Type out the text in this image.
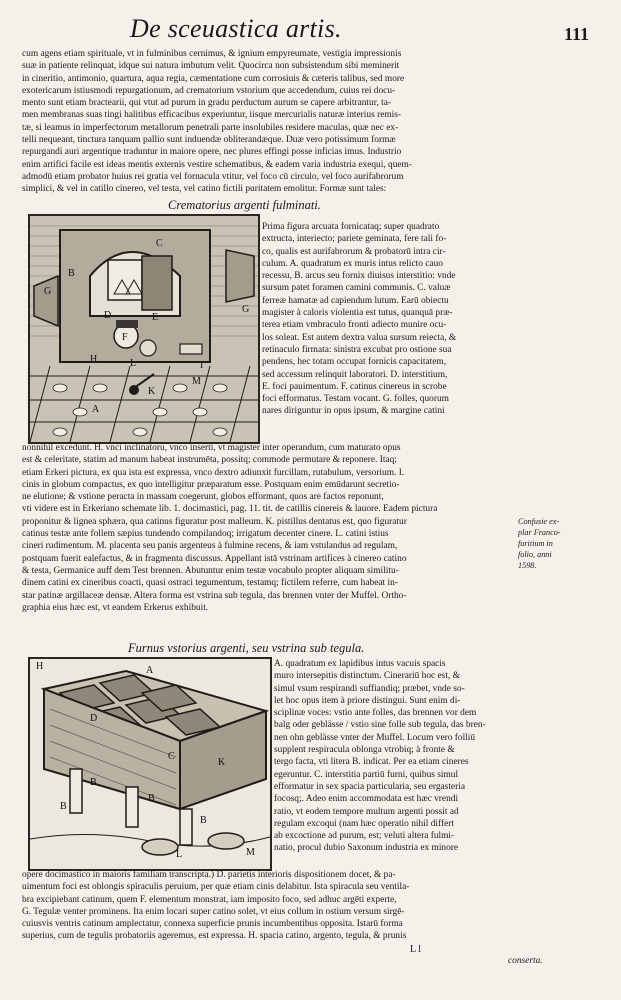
De sceuastica artis.	111
cum agens etiam spirituale, vt in fulminibus cernimus, & ignium empyreumate, vestigia impressionis
suæ in patiente relinquat, idque sui natura imbutum velit. Quocirca non subsistendum sibi meminerit
in cineritio, antimonio, quartura, aqua regia, cæmentatione cum corrosiuis & cæteris talibus, sed more
exotericarum istiusmodi repurgationum, ad crematorium vstorium que accedendum, cuius rei docu-
mento sunt etiam bractearii, qui vtut ad purum in gradu perductum aurum se capere arbitrantur, ta-
men membranas suas tingi halitibus efficacibus experiuntur, iisque mercurialis naturæ interius remis-
tæ, si leamus in imperfectorum metallorum penetrali parte insolubiles residere maculas, quæ nec ex-
telli nequeant, tinctura tanquam pallio sunt induendæ obliterandæque. Duæ vero potissimum formæ
repurgandi auri argentique traduntur in maiore opere, nec plures effingi posse inficias imus. Industrio
enim artifici facile est ideas mentis externis vestire schematibus, & eadem varia industria exequi, quem-
admodū etiam probator huius rei gratia vel fornacula vtitur, vel foco cū circulo, vel foco aurifabrorum
simplici, & vel in catillo cinereo, vel testa, vel catino fictili puritatem emolitur. Formæ sunt tales:
Crematorius argenti fulminati.
C
G
B
D
F
E
H	L	I
M
K
A
G
Prima figura arcuata fornicataq; super quadrato
extructa, interiecto; pariete geminata, fere tali fo-
co, qualis est aurifabrorum & probatorū intra cir-
culum. A. quadratum ex muris intus relicto cauo
recessu, B. arcus seu fornix diuisus interstitio: vnde
sursum patet foramen camini communis. C. valuæ
ferreæ hamatæ ad capiendum lutum. Earū obiectu
magister à caloris violentia est tutus, quanquā præ-
terea etiam vmbraculo fronti adiecto munire ocu-
los soleat. Est autem dextra valua sursum reiecta, &
retinaculo firmata: sinistra excubat pro ostione sua
pendens, hec totam occupat fornicis capacitatem,
sed accessum relinquit laboratori. D. interstitium,
E. foci pauimentum. F. catinus cinereus in scrobe
foci efformatus. Testam vocant. G. folles, quorum
nares diriguntur in opus ipsum, & margine catini
nonnihil excedunt. H. vnci inclinatoru, vnco inserti, vt magister inter operandum, cum maturato opus
est & celeritate, statim ad manum habeat instrumēta, possitq; commode permutare & reponere. Itaq;
etiam Erkeri pictura, ex qua ista est expressa, vnco dextro adiunxit furcillam, rutabulum, versorium. I.
cinis in globum compactus, ex quo intelligitur præparatum esse. Postquam enim emūdarunt secretio-
ne elutione; & vstione peracta in massam coegerunt, globos efformant, quos are factos reponunt,
vti videre est in Erkeriano schemate lib. 1. docimastici, pag. 11. tit. de catillis cinereis & lauore. Eadem pictura
proponitur & lignea sphæra, qua catinus figuratur post malleum. K. pistillus dentatus est, quo figuratur
catinus testæ ante follem sæpius tundendo compilandoq; irrigatum decenter cinere. L. catini istius
cineri rudimentum. M. placenta seu panis argenteus à fulmine recens, & iam vstulandus ad regulam,
postquam fuerit ealefactus, & in fragmenta discussus. Appellant istā vstrinam artifices à cinereo catino
& testa, Germanice auff dem Test brennen. Abutuntur enim testæ vocabulo propter aliquam similitu-
dinem catini ex cineribus coacti, quasi ostraci tegumentum, testamq; fictilem referre, cum habeat in-
star patinæ argillaceæ densæ. Altera forma est vstrina sub tegula, das brennen vnter der Muffel. Ortho-
graphia eius hæc est, vt eandem Erkerus exhibuit.
Confusie ex-
plar Franco-
furitium in
folio, anni
1598.
Furnus vstorius argenti, seu vstrina sub tegula.
H	A
D
C
K
B
B
B
B
L	M
A. quadratum ex lapidibus intus vacuis spacis
muro intersepitis distinctum. Cinerariū hoc est, &
simul vsum respirandi suffiandiq; præbet, vnde so-
let hoc opus item à priore distingui. Sunt enim di-
sciplinæ voces: vstio ante folles, das brennen vor dem
balg oder geblässe / vstio sine folle sub tegula, das bren-
nen ohn geblässe vnter der Muffel. Locum vero folliū
supplent respiracula oblonga vtrobiq; à fronte &
tergo facta, vti litera B. indicat. Per ea etiam cineres
egeruntur. C. interstitia partiū furni, quibus simul
efformatur in sex spacia particularia, seu ergasteria
focosq;. Adeo enim accommodata est hæc vrendi
ratio, vt eodem tempore multum argenti possit ad
regulam excoqui (nam hæc operatio nihil differt
ab excoctione ad purum, est; veluti altera fulmi-
natio, procul dubio Saxonum industria ex minore
opere docimastico in maioris familiam transcripta.) D. parietis interioris dispositionem docet, & pa-
uimentum foci est oblongis spiraculis peruium, per quæ etiam cinis delabitur. Ista spiracula seu ventila-
bra excipiebant catinum, quem F. elementum monstrat, iam imposito foco, sed adhuc argēti experte,
G. Tegulæ venter prominens. Ita enim locari super catino solet, vt eius collum in ostium versum sirgē-
cuiusvis ventris catinum amplectatur, connexa superficie prunis incumbentibus opposita. Istarū forma
superius, cum de tegulis probatoriis ageremus, est expressa. H. spacia catino, argento, tegula, & prunis
L l
conserta.
